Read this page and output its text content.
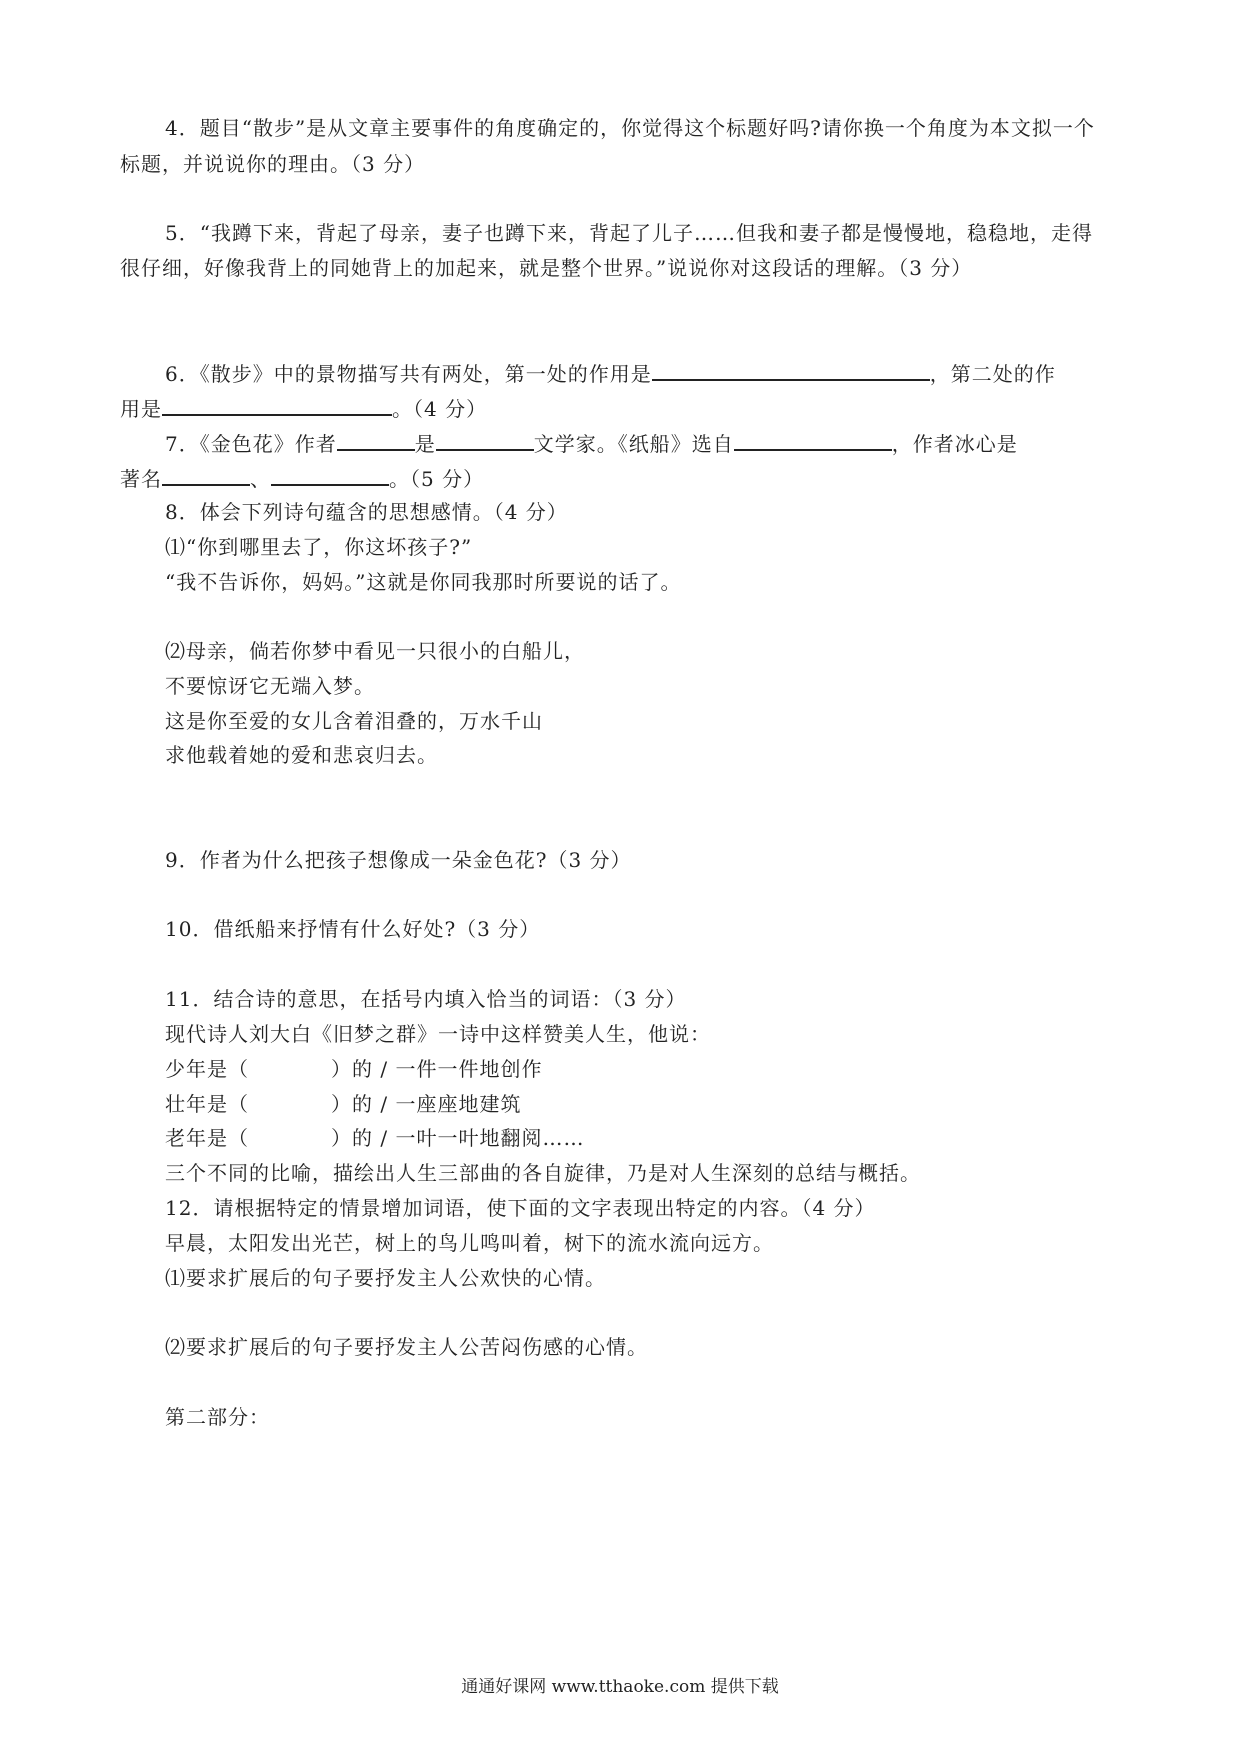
4．题目“散步”是从文章主要事件的角度确定的，你觉得这个标题好吗?请你换一个角度为本文拟一个

标题，并说说你的理由。（3 分）

5．“我蹲下来，背起了母亲，妻子也蹲下来，背起了儿子……但我和妻子都是慢慢地，稳稳地，走得

很仔细，好像我背上的同她背上的加起来，就是整个世界。”说说你对这段话的理解。（3 分）

6．《散步》中的景物描写共有两处，第一处的作用是	，第二处的作

用是	。（4 分）

7．《金色花》作者	是	文学家。《纸船》选自	，作者冰心是

著名	、	。（5 分）

8．体会下列诗句蕴含的思想感情。（4 分）

⑴“你到哪里去了，你这坏孩子?”

“我不告诉你，妈妈。”这就是你同我那时所要说的话了。

⑵母亲，倘若你梦中看见一只很小的白船儿，

不要惊讶它无端入梦。

这是你至爱的女儿含着泪叠的，万水千山

求他载着她的爱和悲哀归去。

9．作者为什么把孩子想像成一朵金色花?（3 分）

10．借纸船来抒情有什么好处?（3 分）

11．结合诗的意思，在括号内填入恰当的词语：（3 分）

现代诗人刘大白《旧梦之群》一诗中这样赞美人生，他说：

少年是（	）的 / 一件一件地创作

壮年是（	）的 / 一座座地建筑

老年是（	）的 / 一叶一叶地翻阅……

三个不同的比喻，描绘出人生三部曲的各自旋律，乃是对人生深刻的总结与概括。

12．请根据特定的情景增加词语，使下面的文字表现出特定的内容。（4 分）

早晨，太阳发出光芒，树上的鸟儿鸣叫着，树下的流水流向远方。

⑴要求扩展后的句子要抒发主人公欢快的心情。

⑵要求扩展后的句子要抒发主人公苦闷伤感的心情。

第二部分：

通通好课网 www.tthaoke.com 提供下载
